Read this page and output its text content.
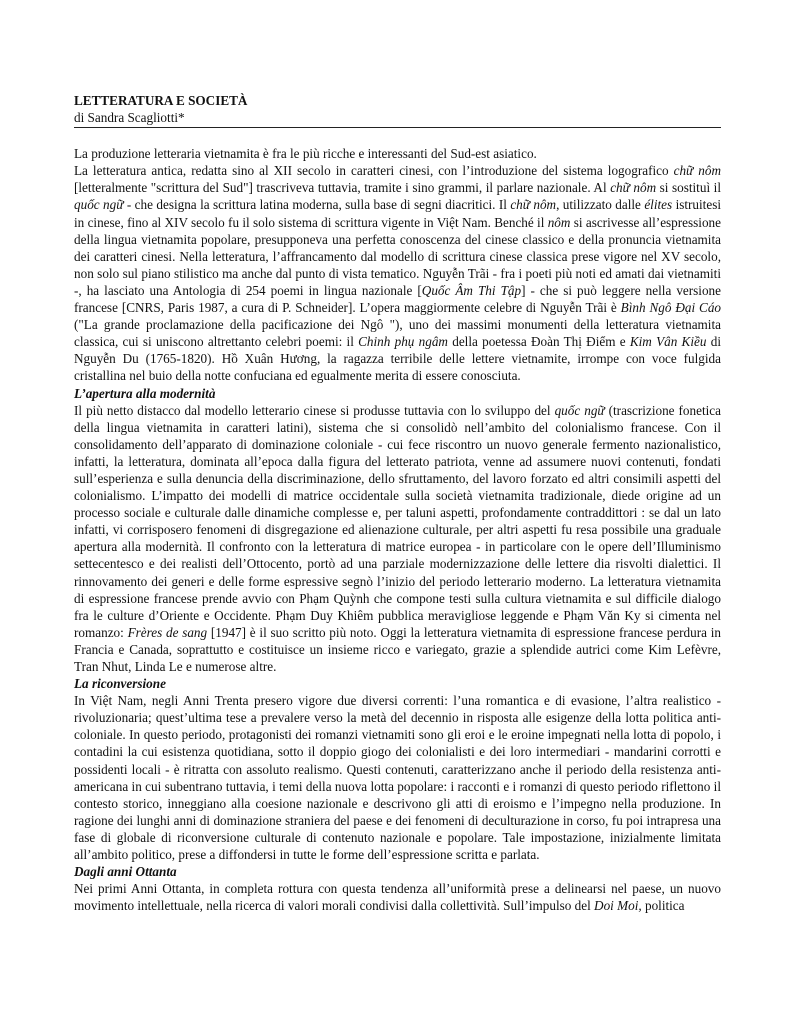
LETTERATURA E SOCIETÀ
di Sandra Scagliotti*

La produzione letteraria vietnamita è fra le più ricche e interessanti del Sud-est asiatico.

La letteratura antica, redatta sino al XII secolo in caratteri cinesi, con l’introduzione del sistema logografico chữ nôm [letteralmente "scrittura del Sud"] trascriveva tuttavia, tramite i sino grammi, il parlare nazionale. Al chữ nôm si sostituì il quốc ngữ - che designa la scrittura latina moderna, sulla base di segni diacritici. Il chữ nôm, utilizzato dalle élites istruitesi in cinese, fino al XIV secolo fu il solo sistema di scrittura vigente in Việt Nam. Benché il nôm si ascrivesse all’espressione della lingua vietnamita popolare, presupponeva una perfetta conoscenza del cinese classico e della pronuncia vietnamita dei caratteri cinesi. Nella letteratura, l’affrancamento dal modello di scrittura cinese classica prese vigore nel XV secolo, non solo sul piano stilistico ma anche dal punto di vista tematico. Nguyễn Trãi - fra i poeti più noti ed amati dai vietnamiti -, ha lasciato una Antologia di 254 poemi in lingua nazionale [Quốc Âm Thi Tập] - che si può leggere nella versione francese [CNRS, Paris 1987, a cura di P. Schneider]. L’opera maggiormente celebre di Nguyễn Trãi è Bình Ngô Đại Cáo ("La grande proclamazione della pacificazione dei Ngô "), uno dei massimi monumenti della letteratura vietnamita classica, cui si uniscono altrettanto celebri poemi: il Chinh phụ ngâm della poetessa Đoàn Thị Điểm e Kim Vân Kiều di Nguyễn Du (1765-1820). Hồ Xuân Hương, la ragazza terribile delle lettere vietnamite, irrompe con voce fulgida cristallina nel buio della notte confuciana ed egualmente merita di essere conosciuta.

L’apertura alla modernità

Il più netto distacco dal modello letterario cinese si produsse tuttavia con lo sviluppo del quốc ngữ (trascrizione fonetica della lingua vietnamita in caratteri latini), sistema che si consolidò nell’ambito del colonialismo francese. Con il consolidamento dell’apparato di dominazione coloniale - cui fece riscontro un nuovo generale fermento nazionalistico, infatti, la letteratura, dominata all’epoca dalla figura del letterato patriota, venne ad assumere nuovi contenuti, fondati sull’esperienza e sulla denuncia della discriminazione, dello sfruttamento, del lavoro forzato ed altri consimili aspetti del colonialismo. L’impatto dei modelli di matrice occidentale sulla società vietnamita tradizionale, diede origine ad un processo sociale e culturale dalle dinamiche complesse e, per taluni aspetti, profondamente contraddittori : se dal un lato infatti, vi corrisposero fenomeni di disgregazione ed alienazione culturale, per altri aspetti fu resa possibile una graduale apertura alla modernità. Il confronto con la letteratura di matrice europea - in particolare con le opere dell’Illuminismo settecentesco e dei realisti dell’Ottocento, portò ad una parziale modernizzazione delle lettere dia risvolti dialettici. Il rinnovamento dei generi e delle forme espressive segnò l’inizio del periodo letterario moderno. La letteratura vietnamita di espressione francese prende avvio con Phạm Quỳnh che compone testi sulla cultura vietnamita e sul difficile dialogo fra le culture d’Oriente e Occidente. Phạm Duy Khiêm pubblica meravigliose leggende e Phạm Văn Ky si cimenta nel romanzo: Frères de sang [1947] è il suo scritto più noto. Oggi la letteratura vietnamita di espressione francese perdura in Francia e Canada, soprattutto e costituisce un insieme ricco e variegato, grazie a splendide autrici come Kim Lefèvre, Tran Nhut, Linda Le e numerose altre.

La riconversione

In Việt Nam, negli Anni Trenta presero vigore due diversi correnti: l’una romantica e di evasione, l’altra realistico - rivoluzionaria; quest’ultima tese a prevalere verso la metà del decennio in risposta alle esigenze della lotta politica anti-coloniale. In questo periodo, protagonisti dei romanzi vietnamiti sono gli eroi e le eroine impegnati nella lotta di popolo, i contadini la cui esistenza quotidiana, sotto il doppio giogo dei colonialisti e dei loro intermediari - mandarini corrotti e possidenti locali - è ritratta con assoluto realismo. Questi contenuti, caratterizzano anche il periodo della resistenza anti-americana in cui subentrano tuttavia, i temi della nuova lotta popolare: i racconti e i romanzi di questo periodo riflettono il contesto storico, inneggiano alla coesione nazionale e descrivono gli atti di eroismo e l’impegno nella produzione. In ragione dei lunghi anni di dominazione straniera del paese e dei fenomeni di deculturazione in corso, fu poi intrapresa una fase di globale di riconversione culturale di contenuto nazionale e popolare. Tale impostazione, inizialmente limitata all’ambito politico, prese a diffondersi in tutte le forme dell’espressione scritta e parlata.

Dagli anni Ottanta

Nei primi Anni Ottanta, in completa rottura con questa tendenza all’uniformità prese a delinearsi nel paese, un nuovo movimento intellettuale, nella ricerca di valori morali condivisi dalla collettività. Sull’impulso del Doi Moi, politica
